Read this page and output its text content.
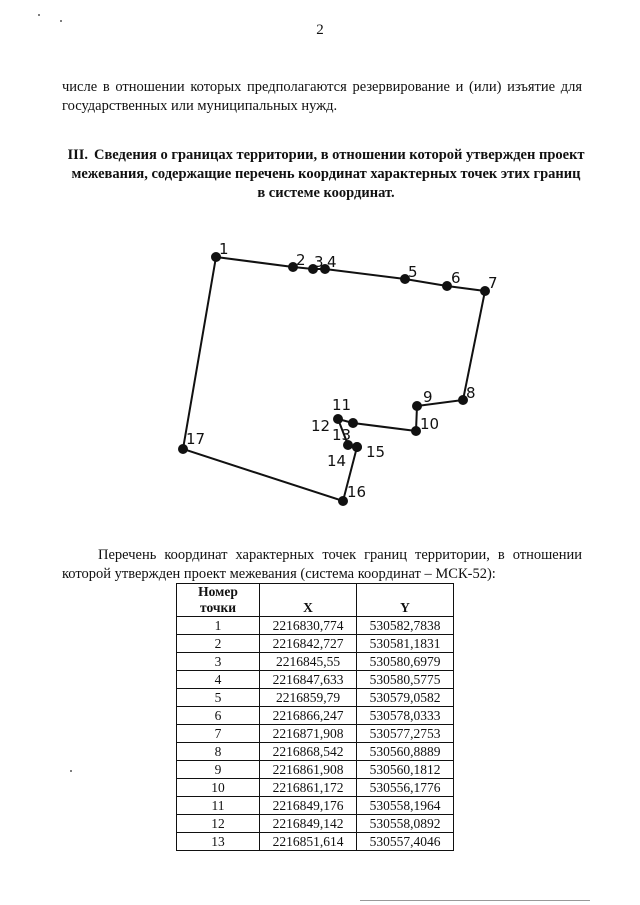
2

числе в отношении которых предполагаются резервирование и (или) изъятие для государственных или муниципальных нужд.

III. Сведения о границах территории, в отношении которой утвержден проект межевания, содержащие перечень координат характерных точек этих границ в системе координат.

1
2 3 4
5 6 7
8
9
10
11
12 13
14 15
16
17

Перечень координат характерных точек границ территории, в отношении которой утвержден проект межевания (система координат – МСК-52):

Номер точки	X	Y
1	2216830,774	530582,7838
2	2216842,727	530581,1831
3	2216845,55	530580,6979
4	2216847,633	530580,5775
5	2216859,79	530579,0582
6	2216866,247	530578,0333
7	2216871,908	530577,2753
8	2216868,542	530560,8889
9	2216861,908	530560,1812
10	2216861,172	530556,1776
11	2216849,176	530558,1964
12	2216849,142	530558,0892
13	2216851,614	530557,4046
